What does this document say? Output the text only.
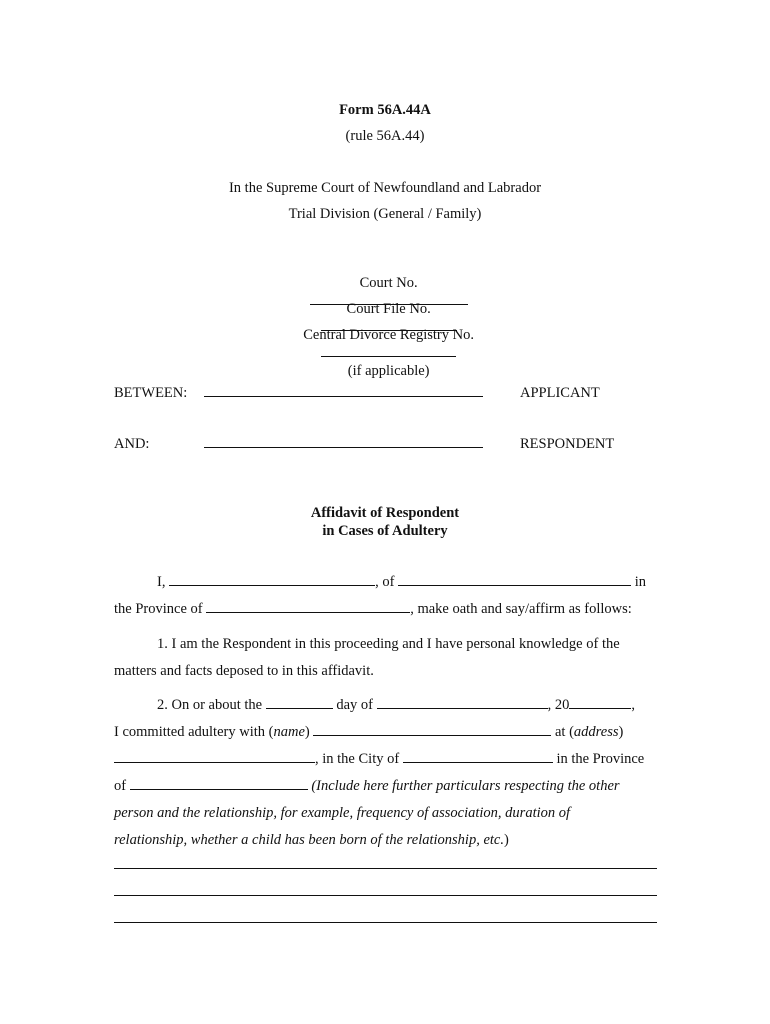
Form 56A.44A
(rule 56A.44)
In the Supreme Court of Newfoundland and Labrador
Trial Division (General / Family)

Court No.

Court File No.

Central Divorce Registry No.

(if applicable)

BETWEEN:	APPLICANT
AND:	RESPONDENT
Affidavit of Respondent
in Cases of Adultery
I,	, of	in
the Province of	, make oath and say/affirm as follows:
1. I am the Respondent in this proceeding and I have personal knowledge of the
matters and facts deposed to in this affidavit.
2. On or about the	day of	, 20	,
I committed adultery with (name)	at (address)
, in the City of	in the Province
of	(Include here further particulars respecting the other
person and the relationship, for example, frequency of association, duration of
relationship, whether a child has been born of the relationship, etc.)
